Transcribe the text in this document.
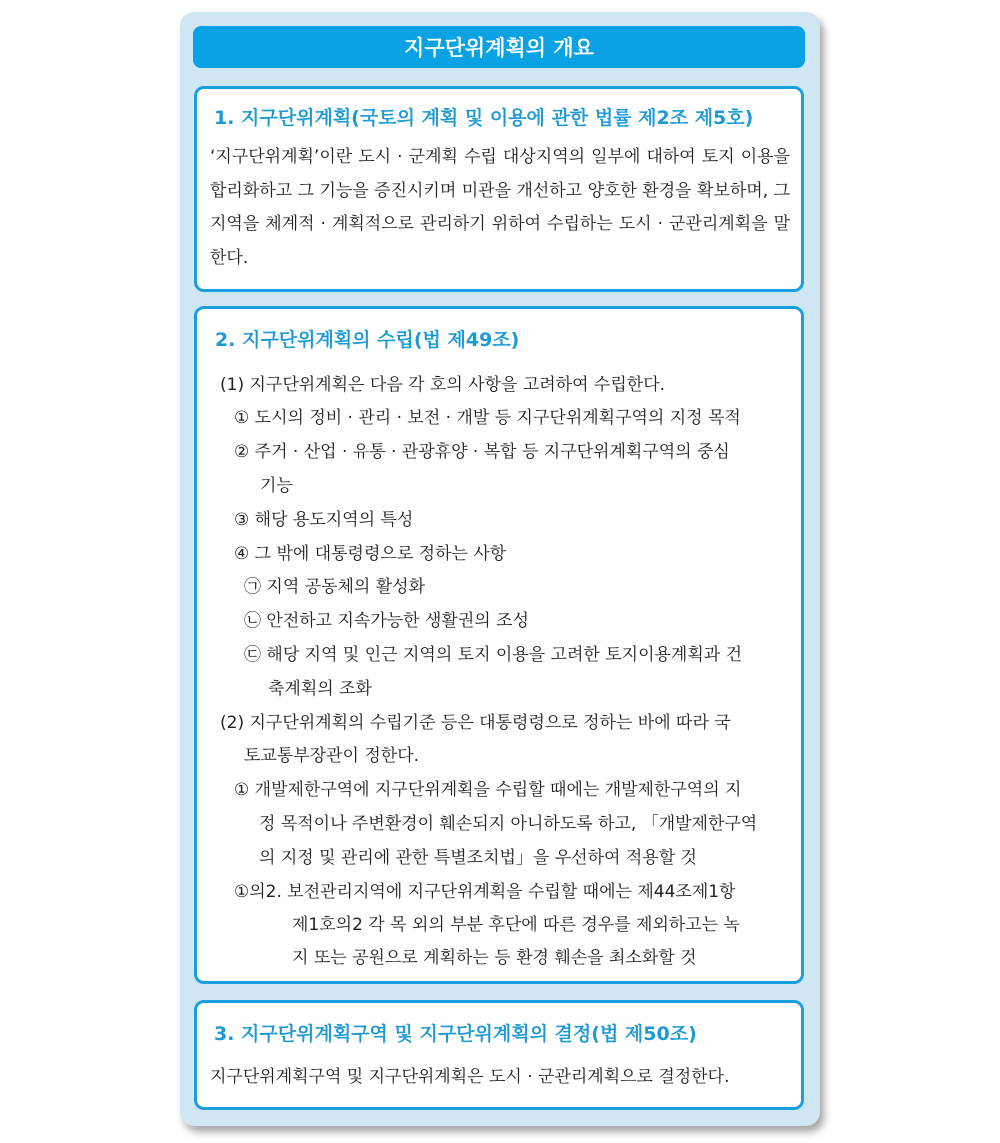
지구단위계획의 개요
1. 지구단위계획(국토의 계획 및 이용에 관한 법률 제2조 제5호)
‘지구단위계획’이란 도시 · 군계획 수립 대상지역의 일부에 대하여 토지 이용을 합리화하고 그 기능을 증진시키며 미관을 개선하고 양호한 환경을 확보하며, 그 지역을 체계적 · 계획적으로 관리하기 위하여 수립하는 도시 · 군관리계획을 말한다.
2. 지구단위계획의 수립(법 제49조)
(1) 지구단위계획은 다음 각 호의 사항을 고려하여 수립한다.
① 도시의 정비 · 관리 · 보전 · 개발 등 지구단위계획구역의 지정 목적
② 주거 · 산업 · 유통 · 관광휴양 · 복합 등 지구단위계획구역의 중심
기능
③ 해당 용도지역의 특성
④ 그 밖에 대통령령으로 정하는 사항
㉠ 지역 공동체의 활성화
㉡ 안전하고 지속가능한 생활권의 조성
㉢ 해당 지역 및 인근 지역의 토지 이용을 고려한 토지이용계획과 건
축계획의 조화
(2) 지구단위계획의 수립기준 등은 대통령령으로 정하는 바에 따라 국
토교통부장관이 정한다.
① 개발제한구역에 지구단위계획을 수립할 때에는 개발제한구역의 지
정 목적이나 주변환경이 훼손되지 아니하도록 하고, 「개발제한구역
의 지정 및 관리에 관한 특별조치법」을 우선하여 적용할 것
①의2. 보전관리지역에 지구단위계획을 수립할 때에는 제44조제1항
제1호의2 각 목 외의 부분 후단에 따른 경우를 제외하고는 녹
지 또는 공원으로 계획하는 등 환경 훼손을 최소화할 것
3. 지구단위계획구역 및 지구단위계획의 결정(법 제50조)
지구단위계획구역 및 지구단위계획은 도시 · 군관리계획으로 결정한다.
